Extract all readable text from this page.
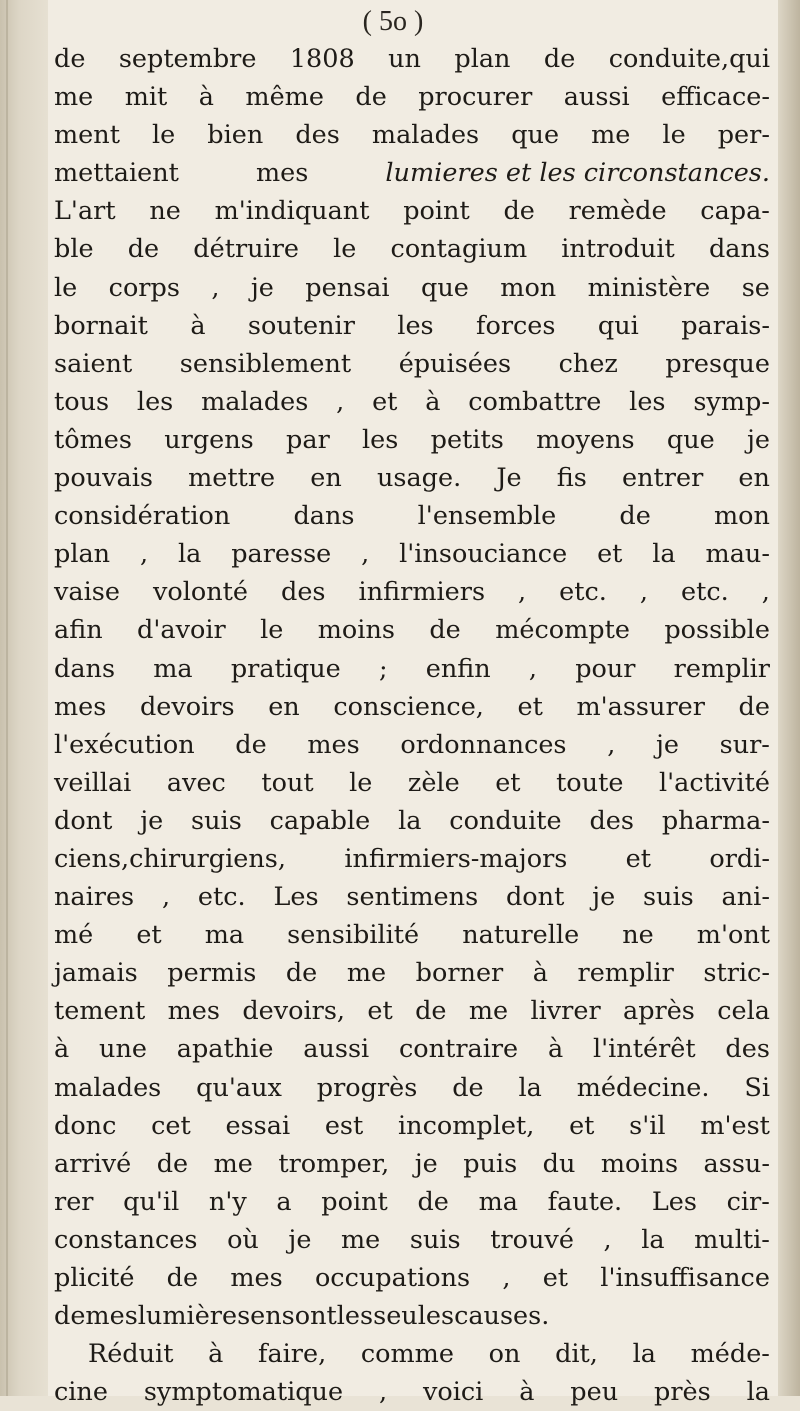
( 5o )
de septembre 1808 un plan de conduite,qui
me mit à même de procurer aussi efficace-
ment le bien des malades que me le per-
mettaient	mes	lumieres et les circonstances.
L'art ne m'indiquant point de remède capa-
ble de détruire le contagium introduit dans
le corps , je pensai que mon ministère se
bornait à soutenir les forces qui parais-
saient sensiblement épuisées chez presque
tous les malades , et à combattre les symp-
tômes urgens par les petits moyens que je
pouvais mettre en usage. Je fis entrer en
considération dans l'ensemble de mon
plan , la paresse , l'insouciance et la mau-
vaise volonté des infirmiers , etc. , etc. ,
afin d'avoir le moins de mécompte possible
dans ma pratique ; enfin , pour remplir
mes devoirs en conscience, et m'assurer de
l'exécution de mes ordonnances , je sur-
veillai avec tout le zèle et toute l'activité
dont je suis capable la conduite des pharma-
ciens,chirurgiens, infirmiers-majors et ordi-
naires , etc. Les sentimens dont je suis ani-
mé et ma sensibilité naturelle ne m'ont
jamais permis de me borner à remplir stric-
tement mes devoirs, et de me livrer après cela
à une apathie aussi contraire à l'intérêt des
malades qu'aux progrès de la médecine. Si
donc cet essai est incomplet, et s'il m'est
arrivé de me tromper, je puis du moins assu-
rer qu'il n'y a point de ma faute. Les cir-
constances où je me suis trouvé , la multi-
plicité de mes occupations , et l'insuffisance
de mes lumières en sont les seules causes.
Réduit à faire, comme on dit, la méde-
cine symptomatique , voici à peu près la
